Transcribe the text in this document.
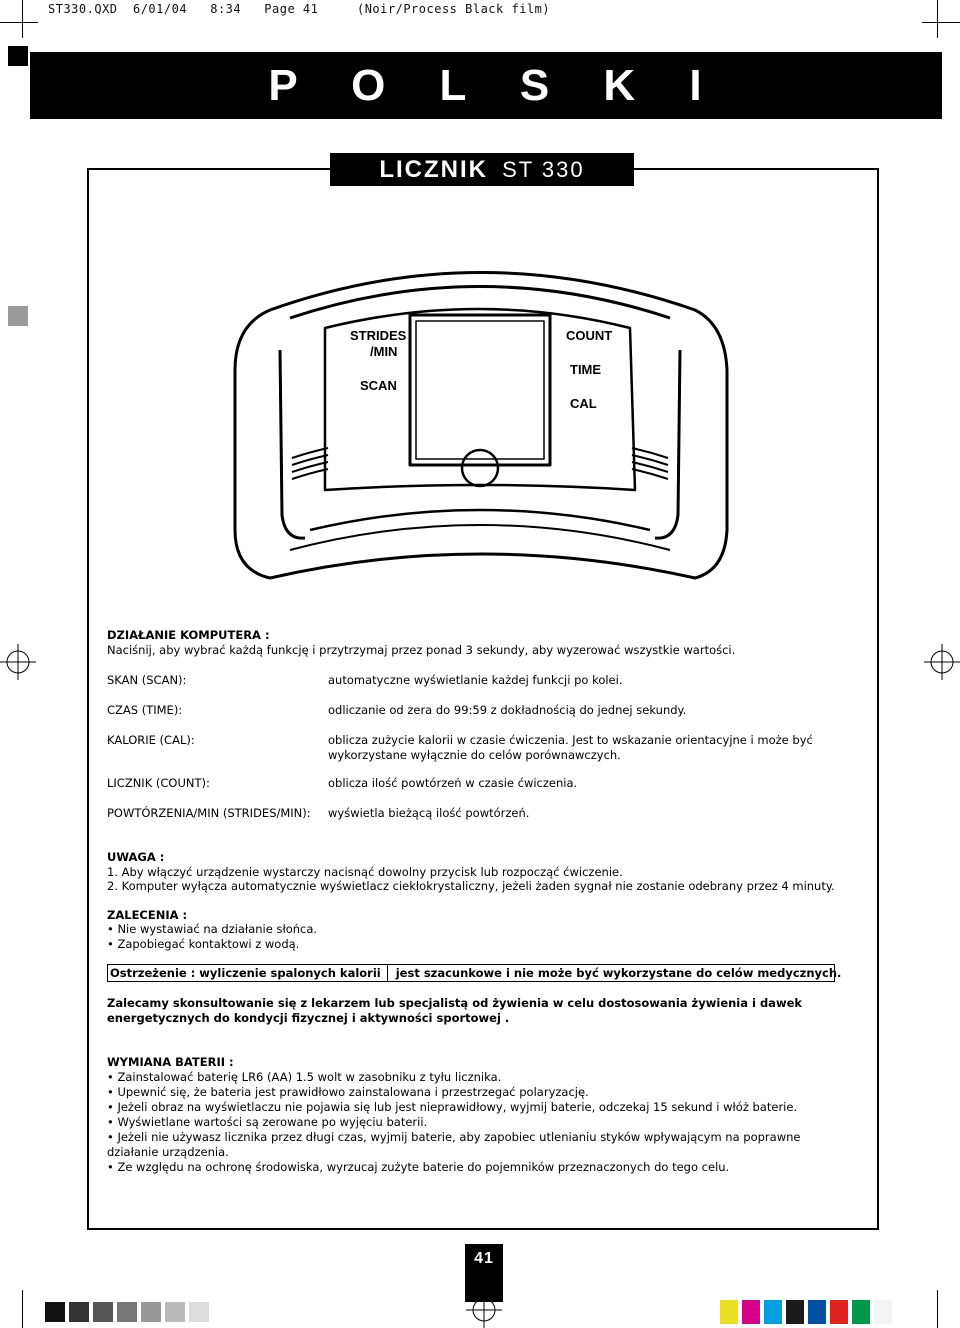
ST330.QXD  6/01/04   8:34   Page 41     (Noir/Process Black film)
P O L S K I
LICZNIK ST 330
STRIDES
/MIN
SCAN
COUNT
TIME
CAL
DZIAŁANIE KOMPUTERA :
Naciśnij, aby wybrać każdą funkcję i przytrzymaj przez ponad 3 sekundy, aby wyzerować wszystkie wartości.
SKAN (SCAN):	automatyczne wyświetlanie każdej funkcji po kolei.
CZAS (TIME):	odliczanie od zera do 99:59 z dokładnością do jednej sekundy.
KALORIE (CAL):	oblicza zużycie kalorii w czasie ćwiczenia. Jest to wskazanie orientacyjne i może być wykorzystane wyłącznie do celów porównawczych.
LICZNIK (COUNT):	oblicza ilość powtórzeń w czasie ćwiczenia.
POWTÓRZENIA/MIN (STRIDES/MIN): wyświetla bieżącą ilość powtórzeń.
UWAGA :
1. Aby włączyć urządzenie wystarczy nacisnąć dowolny przycisk lub rozpocząć ćwiczenie.
2. Komputer wyłącza automatycznie wyświetlacz ciekłokrystaliczny, jeżeli żaden sygnał nie zostanie odebrany przez 4 minuty.
ZALECENIA :
• Nie wystawiać na działanie słońca.
• Zapobiegać kontaktowi z wodą.
Ostrzeżenie : wyliczenie spalonych kalorii jest szacunkowe i nie może być wykorzystane do celów medycznych.
Zalecamy skonsultowanie się z lekarzem lub specjalistą od żywienia w celu dostosowania żywienia i dawek energetycznych do kondycji fizycznej i aktywności sportowej .
WYMIANA BATERII :
• Zainstalować baterię LR6 (AA) 1.5 wolt w zasobniku z tyłu licznika.
• Upewnić się, że bateria jest prawidłowo zainstalowana i przestrzegać polaryzację.
• Jeżeli obraz na wyświetlaczu nie pojawia się lub jest nieprawidłowy, wyjmij baterie, odczekaj 15 sekund i włóż baterie.
• Wyświetlane wartości są zerowane po wyjęciu baterii.
• Jeżeli nie używasz licznika przez długi czas, wyjmij baterie, aby zapobiec utlenianiu styków wpływającym na poprawne działanie urządzenia.
• Ze względu na ochronę środowiska, wyrzucaj zużyte baterie do pojemników przeznaczonych do tego celu.
41
